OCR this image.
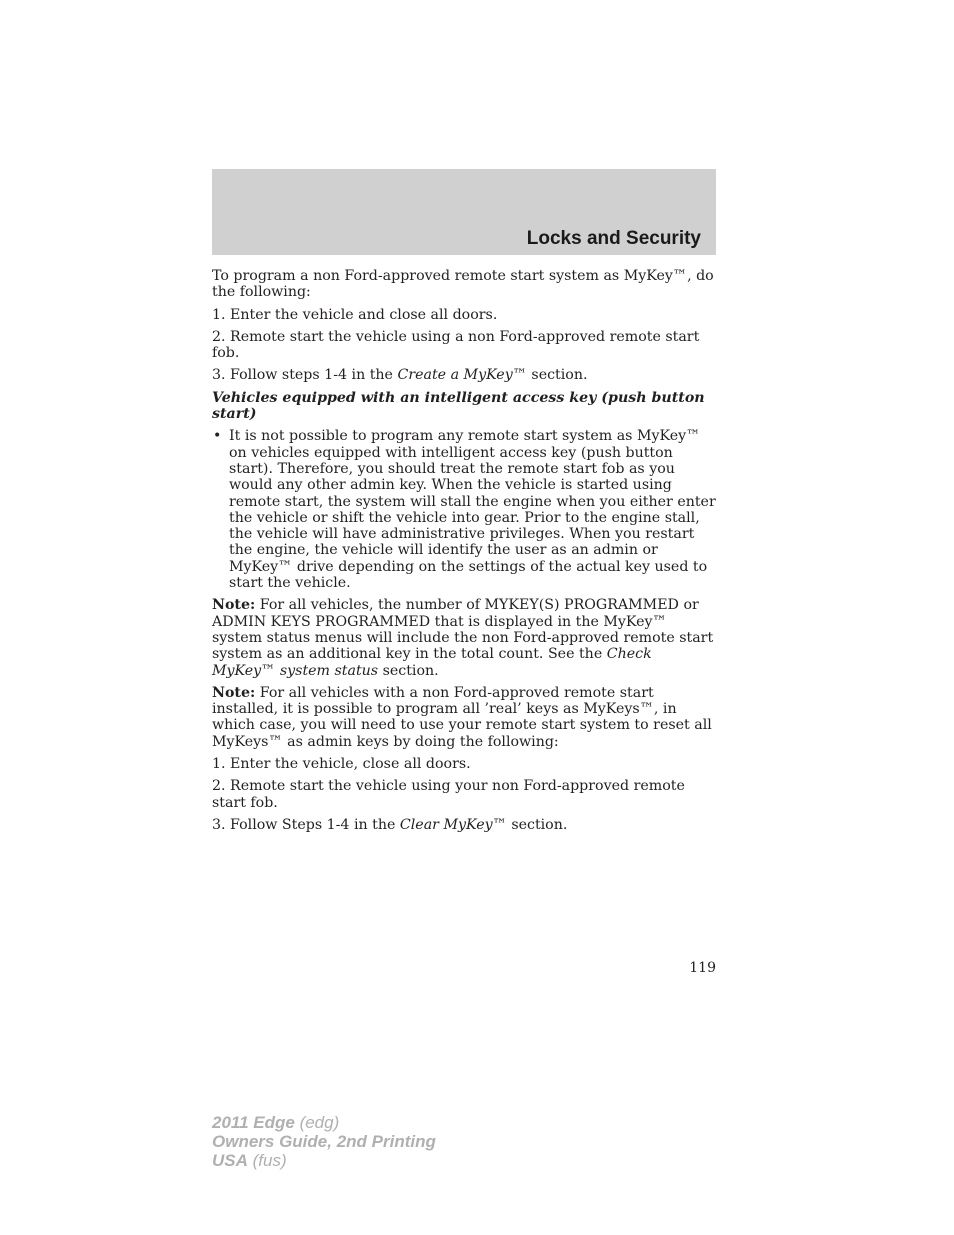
Locks and Security

To program a non Ford-approved remote start system as MyKey™, do the following:

1. Enter the vehicle and close all doors.

2. Remote start the vehicle using a non Ford-approved remote start fob.

3. Follow steps 1-4 in the Create a MyKey™ section.

Vehicles equipped with an intelligent access key (push button start)

• It is not possible to program any remote start system as MyKey™ on vehicles equipped with intelligent access key (push button start). Therefore, you should treat the remote start fob as you would any other admin key. When the vehicle is started using remote start, the system will stall the engine when you either enter the vehicle or shift the vehicle into gear. Prior to the engine stall, the vehicle will have administrative privileges. When you restart the engine, the vehicle will identify the user as an admin or MyKey™ drive depending on the settings of the actual key used to start the vehicle.

Note: For all vehicles, the number of MYKEY(S) PROGRAMMED or ADMIN KEYS PROGRAMMED that is displayed in the MyKey™ system status menus will include the non Ford-approved remote start system as an additional key in the total count. See the Check MyKey™ system status section.

Note: For all vehicles with a non Ford-approved remote start installed, it is possible to program all ’real’ keys as MyKeys™, in which case, you will need to use your remote start system to reset all MyKeys™ as admin keys by doing the following:

1. Enter the vehicle, close all doors.

2. Remote start the vehicle using your non Ford-approved remote start fob.

3. Follow Steps 1-4 in the Clear MyKey™ section.

119
2011 Edge (edg)
Owners Guide, 2nd Printing
USA (fus)
